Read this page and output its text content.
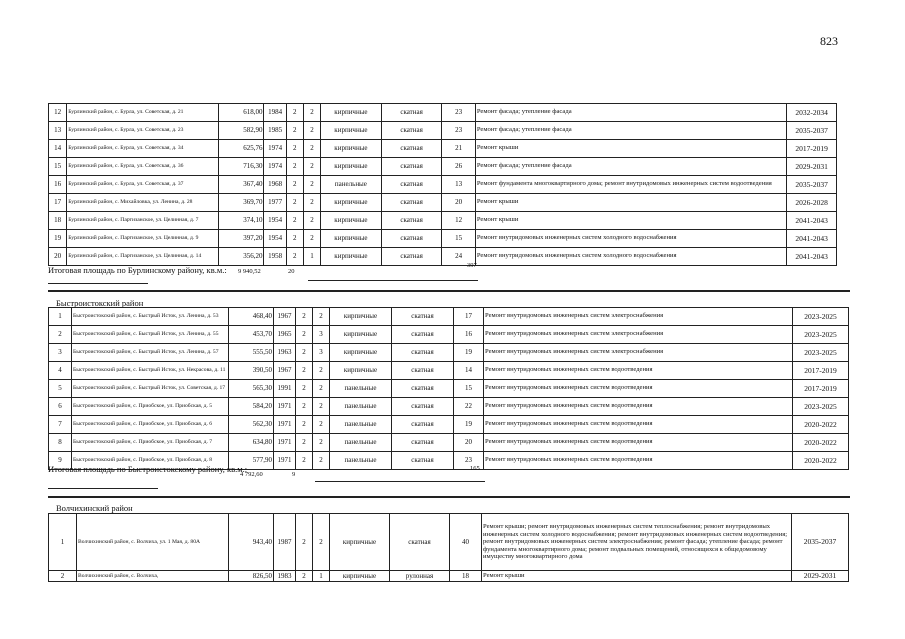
823
12	Бурлинский район, с. Бурла, ул. Советская, д. 21	618,00	1984	2	2	кирпичные	скатная	23	Ремонт фасада; утепление фасада	2032-2034
13	Бурлинский район, с. Бурла, ул. Советская, д. 23	582,90	1985	2	2	кирпичные	скатная	23	Ремонт фасада; утепление фасада	2035-2037
14	Бурлинский район, с. Бурла, ул. Советская, д. 34	625,76	1974	2	2	кирпичные	скатная	21	Ремонт крыши	2017-2019
15	Бурлинский район, с. Бурла, ул. Советская, д. 36	716,30	1974	2	2	кирпичные	скатная	26	Ремонт фасада; утепление фасада	2029-2031
16	Бурлинский район, с. Бурла, ул. Советская, д. 37	367,40	1968	2	2	панельные	скатная	13	Ремонт фундамента многоквартирного дома; ремонт внутридомовых инженерных систем водоотведения	2035-2037
17	Бурлинский район, с. Михайловка, ул. Ленина, д. 28	369,70	1977	2	2	кирпичные	скатная	20	Ремонт крыши	2026-2028
18	Бурлинский район, с. Партизанское, ул. Целинная, д. 7	374,10	1954	2	2	кирпичные	скатная	12	Ремонт крыши	2041-2043
19	Бурлинский район, с. Партизанское, ул. Целинная, д. 9	397,20	1954	2	2	кирпичные	скатная	15	Ремонт внутридомовых инженерных систем холодного водоснабжения	2041-2043
20	Бурлинский район, с. Партизанское, ул. Целинная, д. 14	356,20	1958	2	1	кирпичные	скатная	24	Ремонт внутридомовых инженерных систем холодного водоснабжения	2041-2043
Итоговая площадь по Бурлинскому району, кв.м.:	9 940,52	20
397
Быстроистокский район
1	Быстроистокский район, с. Быстрый Исток, ул. Ленина, д. 53	468,40	1967	2	2	кирпичные	скатная	17	Ремонт внутридомовых инженерных систем электроснабжения	2023-2025
2	Быстроистокский район, с. Быстрый Исток, ул. Ленина, д. 55	453,70	1965	2	3	кирпичные	скатная	16	Ремонт внутридомовых инженерных систем электроснабжения	2023-2025
3	Быстроистокский район, с. Быстрый Исток, ул. Ленина, д. 57	555,50	1963	2	3	кирпичные	скатная	19	Ремонт внутридомовых инженерных систем электроснабжения	2023-2025
4	Быстроистокский район, с. Быстрый Исток, ул. Некрасова, д. 11	390,50	1967	2	2	кирпичные	скатная	14	Ремонт внутридомовых инженерных систем водоотведения	2017-2019
5	Быстроистокский район, с. Быстрый Исток, ул. Советская, д. 17	565,30	1991	2	2	панельные	скатная	15	Ремонт внутридомовых инженерных систем водоотведения	2017-2019
6	Быстроистокский район, с. Приобское, ул. Приобская, д. 5	584,20	1971	2	2	панельные	скатная	22	Ремонт внутридомовых инженерных систем водоотведения	2023-2025
7	Быстроистокский район, с. Приобское, ул. Приобская, д. 6	562,30	1971	2	2	панельные	скатная	19	Ремонт внутридомовых инженерных систем водоотведения	2020-2022
8	Быстроистокский район, с. Приобское, ул. Приобская, д. 7	634,80	1971	2	2	панельные	скатная	20	Ремонт внутридомовых инженерных систем водоотведения	2020-2022
9	Быстроистокский район, с. Приобское, ул. Приобская, д. 8	577,90	1971	2	2	панельные	скатная	23	Ремонт внутридомовых инженерных систем водоотведения	2020-2022
Итоговая площадь по Быстроистокскому району, кв.м.:
4 792,60	9
165
Волчихинский район
1	Волчихинский район, с. Волчиха, ул. 1 Мая, д. 80А	943,40	1987	2	2	кирпичные	скатная	40	Ремонт крыши; ремонт внутридомовых инженерных систем теплоснабжения; ремонт внутридомовых инженерных систем холодного водоснабжения; ремонт внутридомовых инженерных систем водоотведения; ремонт внутридомовых инженерных систем электроснабжения; ремонт фасада; утепление фасада; ремонт фундамента многоквартирного дома; ремонт подвальных помещений, относящихся к общедомовому имуществу многоквартирного дома	2035-2037
2	Волчихинский район, с. Волчиха,	826,50	1983	2	1	кирпичные	рулонная	18	Ремонт крыши	2029-2031
